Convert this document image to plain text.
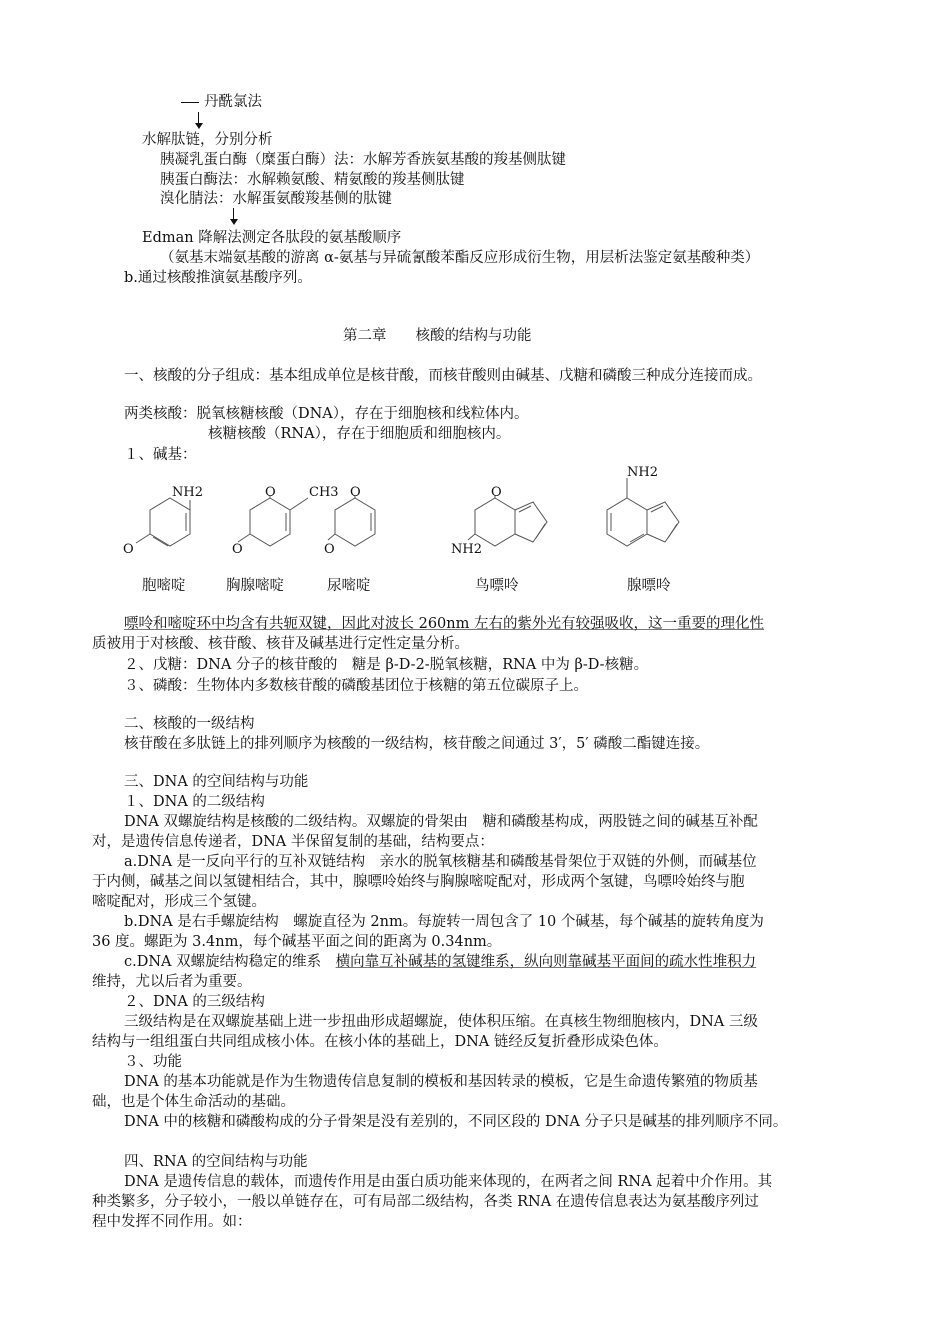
丹酰氯法
水解肽链，分别分析
胰凝乳蛋白酶（糜蛋白酶）法：水解芳香族氨基酸的羧基侧肽键
胰蛋白酶法：水解赖氨酸、精氨酸的羧基侧肽键
溴化腈法：水解蛋氨酸羧基侧的肽键
Edman 降解法测定各肽段的氨基酸顺序
（氨基末端氨基酸的游离 α-氨基与异硫氰酸苯酯反应形成衍生物，用层析法鉴定氨基酸种类）
b.通过核酸推演氨基酸序列。
第二章　　核酸的结构与功能
一、核酸的分子组成：基本组成单位是核苷酸，而核苷酸则由碱基、戊糖和磷酸三种成分连接而成。
两类核酸：脱氧核糖核酸（DNA），存在于细胞核和线粒体内。
核糖核酸（RNA），存在于细胞质和细胞核内。
１、碱基：
NH2
O
O	CH3
O
O
O
O
NH2
NH2
胞嘧啶	胸腺嘧啶	尿嘧啶	鸟嘌呤	腺嘌呤
嘌呤和嘧啶环中均含有共轭双键，因此对波长 260nm 左右的紫外光有较强吸收，这一重要的理化性
质被用于对核酸、核苷酸、核苷及碱基进行定性定量分析。
２、戊糖：DNA 分子的核苷酸的　糖是 β-D-2-脱氧核糖，RNA 中为 β-D-核糖。
３、磷酸：生物体内多数核苷酸的磷酸基团位于核糖的第五位碳原子上。
二、核酸的一级结构
核苷酸在多肽链上的排列顺序为核酸的一级结构，核苷酸之间通过 3′，5′ 磷酸二酯键连接。
三、DNA 的空间结构与功能
１、DNA 的二级结构
DNA 双螺旋结构是核酸的二级结构。双螺旋的骨架由　糖和磷酸基构成，两股链之间的碱基互补配
对，是遗传信息传递者，DNA 半保留复制的基础，结构要点：
a.DNA 是一反向平行的互补双链结构　亲水的脱氧核糖基和磷酸基骨架位于双链的外侧，而碱基位
于内侧，碱基之间以氢键相结合，其中，腺嘌呤始终与胸腺嘧啶配对，形成两个氢键，鸟嘌呤始终与胞
嘧啶配对，形成三个氢键。
b.DNA 是右手螺旋结构　螺旋直径为 2nm。每旋转一周包含了 10 个碱基，每个碱基的旋转角度为
36 度。螺距为 3.4nm，每个碱基平面之间的距离为 0.34nm。
c.DNA 双螺旋结构稳定的维系　横向靠互补碱基的氢键维系，纵向则靠碱基平面间的疏水性堆积力
维持，尤以后者为重要。
２、DNA 的三级结构
三级结构是在双螺旋基础上进一步扭曲形成超螺旋，使体积压缩。在真核生物细胞核内，DNA 三级
结构与一组组蛋白共同组成核小体。在核小体的基础上，DNA 链经反复折叠形成染色体。
３、功能
DNA 的基本功能就是作为生物遗传信息复制的模板和基因转录的模板，它是生命遗传繁殖的物质基
础，也是个体生命活动的基础。
DNA 中的核糖和磷酸构成的分子骨架是没有差别的，不同区段的 DNA 分子只是碱基的排列顺序不同。
四、RNA 的空间结构与功能
DNA 是遗传信息的载体，而遗传作用是由蛋白质功能来体现的，在两者之间 RNA 起着中介作用。其
种类繁多，分子较小，一般以单链存在，可有局部二级结构，各类 RNA 在遗传信息表达为氨基酸序列过
程中发挥不同作用。如：
